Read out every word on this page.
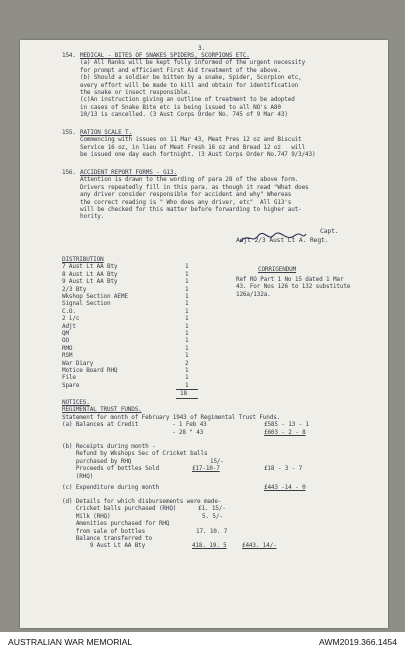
3.
154. MEDICAL - BITES OF SNAKES SPIDERS, SCORPIONS ETC.
(a) All Ranks will be kept fully informed of the urgent necessity
for prompt and efficient First Aid treatment of the above.
(b) Should a soldier be bitten by a snake, Spider, Scorpion etc,
every effort will be made to kill and obtain for identification
the snake or insect responsible.
(c)An instruction giving an outline of treatment to be adopted
in cases of Snake Bite etc is being issued to all NO's A80
10/13 is cancelled. (3 Aust Corps Order No. 745 of 9 Mar 43)
155. RATION SCALE T.
Commencing with issues on 11 Mar 43, Meat Pres 12 oz and Biscuit
Service 16 oz, in lieu of Meat Fresh 16 oz and Bread 12 oz   will
be issued one day each fortnight. (3 Aust Corps Order No.747 9/3/43)
156. ACCIDENT REPORT FORMS - G13.
Attention is drawn to the wording of para 28 of the above form.
Drivers repeatedly fill in this para. as though it read "What does
any driver consider responsible for accident and why" Whereas
the correct reading is " Who does any driver, etc"  All G13's
will be checked for this matter before forwarding to higher aut-
hority.
Capt.
Adjt 2/3 Aust Lt A. Regt.
DISTRIBUTION
7 Aust Lt AA Bty	1
8 Aust Lt AA Bty	1
9 Aust Lt AA Bty	1
2/3 Bty	1
Wkshop Section AEME	1
Signal Section	1
C.O.	1
2 i/c	1
Adjt	1
QM	1
OO	1
RMO	1
RSM	1
War Diary	2
Motice Board RHQ	1
File	1
Spare	1
18
CORRIGENDUM
Ref RO Part 1 No 15 dated 1 Mar
43. For Nos 126 to 132 substitute
126a/132a.
NOTICES.
REGIMENTAL TRUST FUNDS.
Statement for month of February 1943 of Regimental Trust Funds.
(a) Balances at Credit	- 1 Feb 43	£585 - 13 - 1
- 28 " 43	£603 - 2 - 8
(b) Receipts during month -
Refund by Wkshops Sec of Cricket balls
purchased by RHQ	15/-
Proceeds of bottles Sold	£17-10-7	£18 - 3 - 7
(RHQ)
(c) Expenditure during month	£443 -14 - 0
(d) Details for which disbursements were made-
Cricket balls purchased (RHQ)	£1. 15/-
Milk (RHQ)	5. 5/-
Amenities purchased for RHQ
from sale of bottles	17. 10. 7
Balance transferred to
9 Aust Lt AA Bty	418. 19. 5	£443. 14/-
AUSTRALIAN WAR MEMORIAL	AWM2019.366.1454
